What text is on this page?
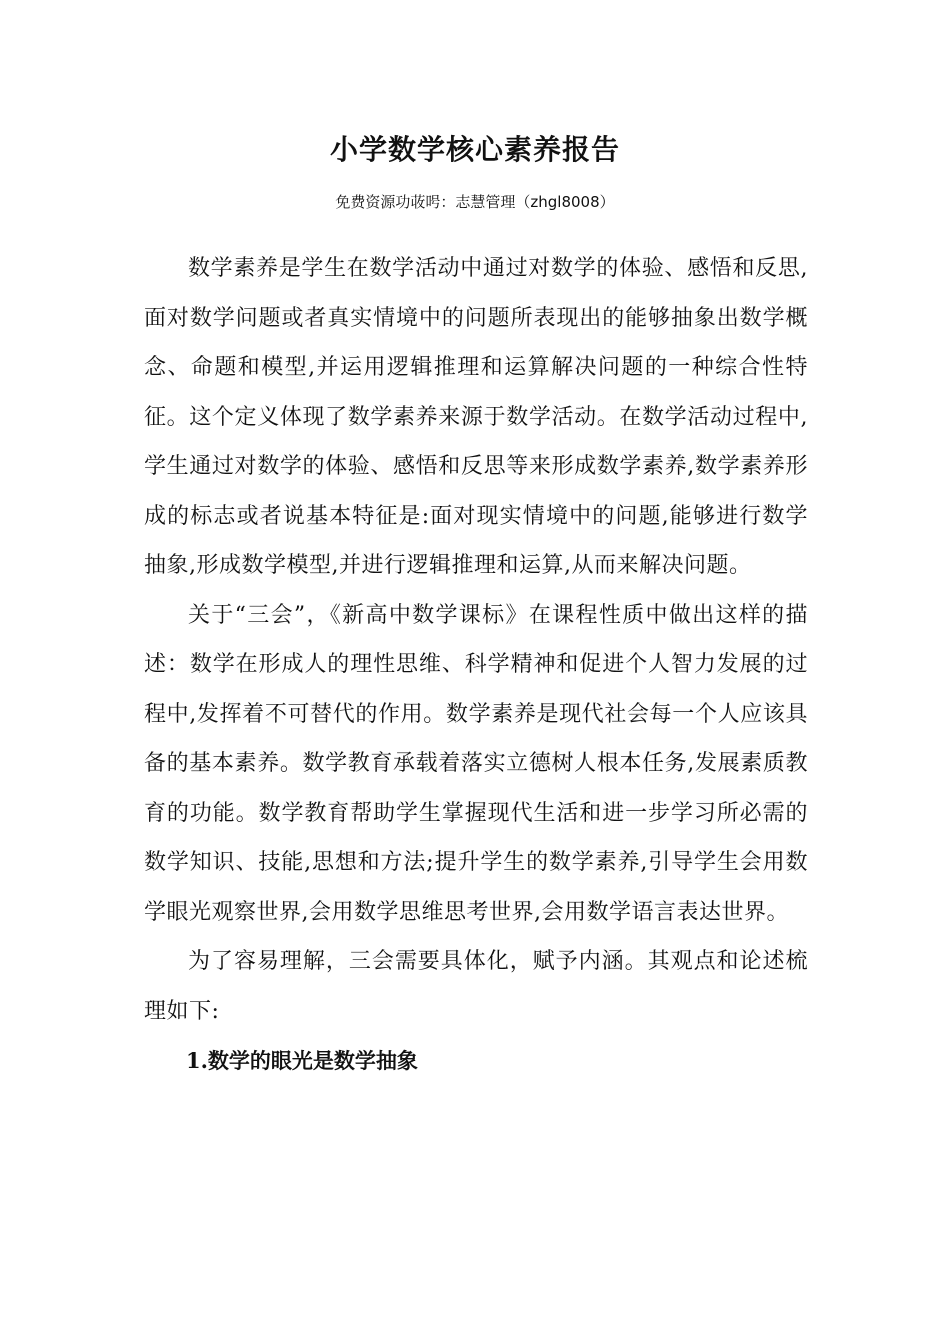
小学数学核心素养报告
免费资源功荍呺：志慧管理（zhgl8008）

数学素养是学生在数学活动中通过对数学的体验、感悟和反思,面对数学问题或者真实情境中的问题所表现出的能够抽象出数学概念、命题和模型,并运用逻辑推理和运算解决问题的一种综合性特征。这个定义体现了数学素养来源于数学活动。在数学活动过程中,学生通过对数学的体验、感悟和反思等来形成数学素养,数学素养形成的标志或者说基本特征是:面对现实情境中的问题,能够进行数学抽象,形成数学模型,并进行逻辑推理和运算,从而来解决问题。

关于“三会”，《新高中数学课标》在课程性质中做出这样的描述：数学在形成人的理性思维、科学精神和促进个人智力发展的过程中,发挥着不可替代的作用。数学素养是现代社会每一个人应该具备的基本素养。数学教育承载着落实立德树人根本任务,发展素质教育的功能。数学教育帮助学生掌握现代生活和进一步学习所必需的数学知识、技能,思想和方法;提升学生的数学素养,引导学生会用数学眼光观察世界,会用数学思维思考世界,会用数学语言表达世界。

为了容易理解，三会需要具体化，赋予内涵。其观点和论述梳理如下:

1.数学的眼光是数学抽象
